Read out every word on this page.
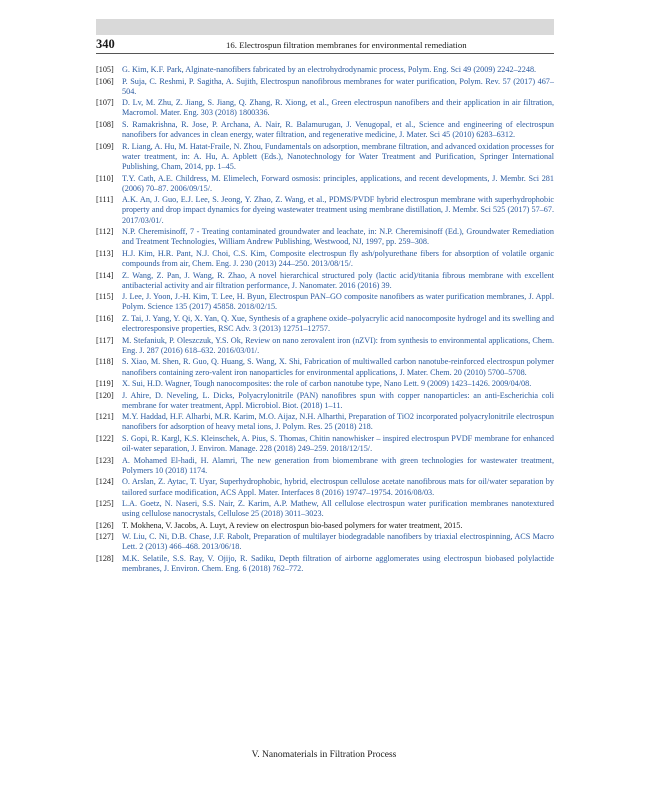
340	16. Electrospun filtration membranes for environmental remediation
[105] G. Kim, K.F. Park, Alginate-nanofibers fabricated by an electrohydrodynamic process, Polym. Eng. Sci 49 (2009) 2242–2248.
[106] P. Suja, C. Reshmi, P. Sagitha, A. Sujith, Electrospun nanofibrous membranes for water purification, Polym. Rev. 57 (2017) 467–504.
[107] D. Lv, M. Zhu, Z. Jiang, S. Jiang, Q. Zhang, R. Xiong, et al., Green electrospun nanofibers and their application in air filtration, Macromol. Mater. Eng. 303 (2018) 1800336.
[108] S. Ramakrishna, R. Jose, P. Archana, A. Nair, R. Balamurugan, J. Venugopal, et al., Science and engineering of electrospun nanofibers for advances in clean energy, water filtration, and regenerative medicine, J. Mater. Sci 45 (2010) 6283–6312.
[109] R. Liang, A. Hu, M. Hatat-Fraile, N. Zhou, Fundamentals on adsorption, membrane filtration, and advanced oxidation processes for water treatment, in: A. Hu, A. Apblett (Eds.), Nanotechnology for Water Treatment and Purification, Springer International Publishing, Cham, 2014, pp. 1–45.
[110] T.Y. Cath, A.E. Childress, M. Elimelech, Forward osmosis: principles, applications, and recent developments, J. Membr. Sci 281 (2006) 70–87. 2006/09/15/.
[111] A.K. An, J. Guo, E.J. Lee, S. Jeong, Y. Zhao, Z. Wang, et al., PDMS/PVDF hybrid electrospun membrane with superhydrophobic property and drop impact dynamics for dyeing wastewater treatment using membrane distillation, J. Membr. Sci 525 (2017) 57–67. 2017/03/01/.
[112] N.P. Cheremisinoff, 7 - Treating contaminated groundwater and leachate, in: N.P. Cheremisinoff (Ed.), Groundwater Remediation and Treatment Technologies, William Andrew Publishing, Westwood, NJ, 1997, pp. 259–308.
[113] H.J. Kim, H.R. Pant, N.J. Choi, C.S. Kim, Composite electrospun fly ash/polyurethane fibers for absorption of volatile organic compounds from air, Chem. Eng. J. 230 (2013) 244–250. 2013/08/15/.
[114] Z. Wang, Z. Pan, J. Wang, R. Zhao, A novel hierarchical structured poly (lactic acid)/titania fibrous membrane with excellent antibacterial activity and air filtration performance, J. Nanomater. 2016 (2016) 39.
[115] J. Lee, J. Yoon, J.-H. Kim, T. Lee, H. Byun, Electrospun PAN–GO composite nanofibers as water purification membranes, J. Appl. Polym. Science 135 (2017) 45858. 2018/02/15.
[116] Z. Tai, J. Yang, Y. Qi, X. Yan, Q. Xue, Synthesis of a graphene oxide–polyacrylic acid nanocomposite hydrogel and its swelling and electroresponsive properties, RSC Adv. 3 (2013) 12751–12757.
[117] M. Stefaniuk, P. Oleszczuk, Y.S. Ok, Review on nano zerovalent iron (nZVI): from synthesis to environmental applications, Chem. Eng. J. 287 (2016) 618–632. 2016/03/01/.
[118] S. Xiao, M. Shen, R. Guo, Q. Huang, S. Wang, X. Shi, Fabrication of multiwalled carbon nanotube-reinforced electrospun polymer nanofibers containing zero-valent iron nanoparticles for environmental applications, J. Mater. Chem. 20 (2010) 5700–5708.
[119] X. Sui, H.D. Wagner, Tough nanocomposites: the role of carbon nanotube type, Nano Lett. 9 (2009) 1423–1426. 2009/04/08.
[120] J. Ahire, D. Neveling, L. Dicks, Polyacrylonitrile (PAN) nanofibres spun with copper nanoparticles: an anti-Escherichia coli membrane for water treatment, Appl. Microbiol. Biot. (2018) 1–11.
[121] M.Y. Haddad, H.F. Alharbi, M.R. Karim, M.O. Aijaz, N.H. Alharthi, Preparation of TiO2 incorporated polyacrylonitrile electrospun nanofibers for adsorption of heavy metal ions, J. Polym. Res. 25 (2018) 218.
[122] S. Gopi, R. Kargl, K.S. Kleinschek, A. Pius, S. Thomas, Chitin nanowhisker – inspired electrospun PVDF membrane for enhanced oil-water separation, J. Environ. Manage. 228 (2018) 249–259. 2018/12/15/.
[123] A. Mohamed El-hadi, H. Alamri, The new generation from biomembrane with green technologies for wastewater treatment, Polymers 10 (2018) 1174.
[124] O. Arslan, Z. Aytac, T. Uyar, Superhydrophobic, hybrid, electrospun cellulose acetate nanofibrous mats for oil/water separation by tailored surface modification, ACS Appl. Mater. Interfaces 8 (2016) 19747–19754. 2016/08/03.
[125] L.A. Goetz, N. Naseri, S.S. Nair, Z. Karim, A.P. Mathew, All cellulose electrospun water purification membranes nanotextured using cellulose nanocrystals, Cellulose 25 (2018) 3011–3023.
[126] T. Mokhena, V. Jacobs, A. Luyt, A review on electrospun bio-based polymers for water treatment, 2015.
[127] W. Liu, C. Ni, D.B. Chase, J.F. Rabolt, Preparation of multilayer biodegradable nanofibers by triaxial electrospinning, ACS Macro Lett. 2 (2013) 466–468. 2013/06/18.
[128] M.K. Selatile, S.S. Ray, V. Ojijo, R. Sadiku, Depth filtration of airborne agglomerates using electrospun biobased polylactide membranes, J. Environ. Chem. Eng. 6 (2018) 762–772.
V. Nanomaterials in Filtration Process
